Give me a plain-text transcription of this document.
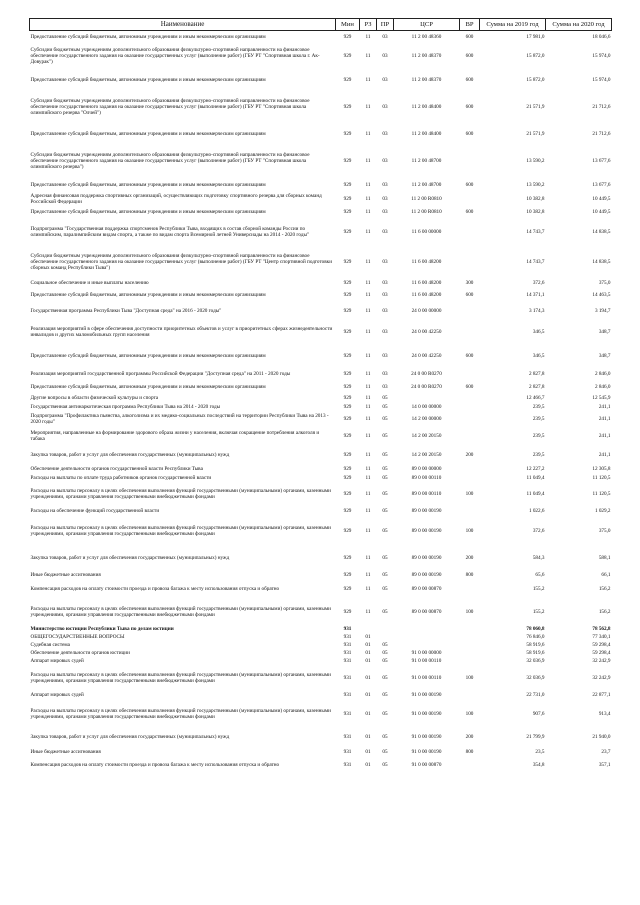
Наименование	Мин	РЗ	ПР	ЦСР	ВР	Сумма на 2019 год	Сумма на 2020 год
Предоставление субсидий бюджетным, автономным учреждениям и иным некоммерческим организациям	929	11	03	11 2 00 48360	600	17 981,0	18 046,6
Субсидии бюджетным учреждениям дополнительного образования физкультурно-спортивной направленности на финансовое обеспечение государственного задания на оказание государственных услуг (выполнение работ) (ГБУ РТ "Спортивная школа г. Ак-Довурак")	929	11	03	11 2 00 48370	600	15 872,0	15 974,0
Предоставление субсидий бюджетным, автономным учреждениям и иным некоммерческим организациям	929	11	03	11 2 00 48370	600	15 872,0	15 974,0
Субсидии бюджетным учреждениям дополнительного образования физкультурно-спортивной направленности на финансовое обеспечение государственного задания на оказание государственных услуг (выполнение работ) (ГБУ РТ "Спортивная школа олимпийского резерва "Олчей")	929	11	03	11 2 00 48400	600	21 571,9	21 712,6
Предоставление субсидий бюджетным, автономным учреждениям и иным некоммерческим организациям	929	11	03	11 2 00 48400	600	21 571,9	21 712,6
Субсидии бюджетным учреждениям дополнительного образования физкультурно-спортивной направленности на финансовое обеспечение государственного задания на оказание государственных услуг (выполнение работ) (ГБУ РТ "Спортивная школа олимпийского резерва")	929	11	03	11 2 00 48700		13 590,2	13 677,6
Предоставление субсидий бюджетным, автономным учреждениям и иным некоммерческим организациям	929	11	03	11 2 00 48700	600	13 590,2	13 677,6
Адресная финансовая поддержка спортивных организаций, осуществляющих подготовку спортивного резерва для сборных команд Российской Федерации	929	11	03	11 2 00 R0810		10 382,8	10 449,5
Предоставление субсидий бюджетным, автономным учреждениям и иным некоммерческим организациям	929	11	03	11 2 00 R0810	600	10 382,8	10 449,5
Подпрограмма "Государственная поддержка спортсменов Республики Тыва, входящих в состав сборной команды России по олимпийским, паралимпийским видам спорта, а также по видам спорта Всемирной летней Универсиады на 2014 - 2020 годы"	929	11	03	11 6 00 00000		14 743,7	14 838,5
Субсидии бюджетным учреждениям дополнительного образования физкультурно-спортивной направленности на финансовое обеспечение государственного задания на оказание государственных услуг (выполнение работ) (ГБУ РТ "Центр спортивной подготовки сборных команд Республики Тыва")	929	11	03	11 6 00 48200		14 743,7	14 838,5
Социальное обеспечение и иные выплаты населению	929	11	03	11 6 00 48200	300	372,6	375,0
Предоставление субсидий бюджетным, автономным учреждениям и иным некоммерческим организациям	929	11	03	11 6 00 48200	600	14 371,1	14 463,5
Государственная программа Республики Тыва "Доступная среда" на 2016 - 2020 годы"	929	11	03	24 0 00 00000		3 174,3	3 194,7
Реализация мероприятий в сфере обеспечения доступности приоритетных объектов и услуг в приоритетных сферах жизнедеятельности инвалидов и других маломобильных групп населения	929	11	03	24 0 00 42250		346,5	348,7
Предоставление субсидий бюджетным, автономным учреждениям и иным некоммерческим организациям	929	11	03	24 0 00 42250	600	346,5	348,7
Реализация мероприятий государственной программы Российской Федерации "Доступная среда" на 2011 - 2020 годы	929	11	03	24 0 00 R0270		2 827,8	2 846,0
Предоставление субсидий бюджетным, автономным учреждениям и иным некоммерческим организациям	929	11	03	24 0 00 R0270	600	2 827,8	2 846,0
Другие вопросы в области физической культуры и спорта	929	11	05			12 466,7	12 545,9
Государственная антинаркотическая программа Республики Тыва на 2014 - 2020 годы	929	11	05	14 0 00 00000		239,5	241,1
Подпрограмма "Профилактика пьянства, алкоголизма и их медико-социальных последствий на территории Республики Тыва на 2013 - 2020 годы"	929	11	05	14 2 00 00000		239,5	241,1
Мероприятия, направленные на формирование здорового образа жизни у населения, включая сокращение потребления алкоголя и табака	929	11	05	14 2 00 20150		239,5	241,1
Закупка товаров, работ и услуг для обеспечения государственных (муниципальных) нужд	929	11	05	14 2 00 20150	200	239,5	241,1
Обеспечение деятельности органов государственной власти Республики Тыва	929	11	05	89 0 00 00000		12 227,2	12 305,8
Расходы на выплаты по оплате труда работников органов государственной власти	929	11	05	89 0 00 00110		11 049,4	11 120,5
Расходы на выплаты персоналу в целях обеспечения выполнения функций государственными (муниципальными) органами, казенными учреждениями, органами управления государственными внебюджетными фондами	929	11	05	89 0 00 00110	100	11 049,4	11 120,5
Расходы на обеспечение функций государственной власти	929	11	05	89 0 00 00190		1 022,6	1 029,2
Расходы на выплаты персоналу в целях обеспечения выполнения функций государственными (муниципальными) органами, казенными учреждениями, органами управления государственными внебюджетными фондами	929	11	05	89 0 00 00190	100	372,6	375,0
Закупка товаров, работ и услуг для обеспечения государственных (муниципальных) нужд	929	11	05	89 0 00 00190	200	584,3	588,1
Иные бюджетные ассигнования	929	11	05	89 0 00 00190	800	65,6	66,1
Компенсация расходов на оплату стоимости проезда и провоза багажа к месту использования отпуска и обратно	929	11	05	89 0 00 00870		155,2	156,2
Расходы на выплаты персоналу в целях обеспечения выполнения функций государственными (муниципальными) органами, казенными учреждениями, органами управления государственными внебюджетными фондами	929	11	05	89 0 00 00870	100	155,2	156,2
Министерство юстиции Республики Тыва по делам юстиции	931					78 060,8	78 562,8
ОБЩЕГОСУДАРСТВЕННЫЕ ВОПРОСЫ	931	01				76 846,0	77 340,1
Судебная система	931	01	05			58 919,6	59 298,4
Обеспечение деятельности органов юстиции	931	01	05	91 0 00 00000		58 919,6	59 298,4
Аппарат мировых судей	931	01	05	91 0 00 00110		32 036,9	32 242,9
Расходы на выплаты персоналу в целях обеспечения выполнения функций государственными (муниципальными) органами, казенными учреждениями, органами управления государственными внебюджетными фондами	931	01	05	91 0 00 00110	100	32 036,9	32 242,9
Аппарат мировых судей	931	01	05	91 0 00 00190		22 731,0	22 877,1
Расходы на выплаты персоналу в целях обеспечения выполнения функций государственными (муниципальными) органами, казенными учреждениями, органами управления государственными внебюджетными фондами	931	01	05	91 0 00 00190	100	907,6	913,4
Закупка товаров, работ и услуг для обеспечения государственных (муниципальных) нужд	931	01	05	91 0 00 00190	200	21 799,9	21 940,0
Иные бюджетные ассигнования	931	01	05	91 0 00 00190	800	23,5	23,7
Компенсация расходов на оплату стоимости проезда и провоза багажа к месту использования отпуска и обратно	931	01	05	91 0 00 00870		354,8	357,1
